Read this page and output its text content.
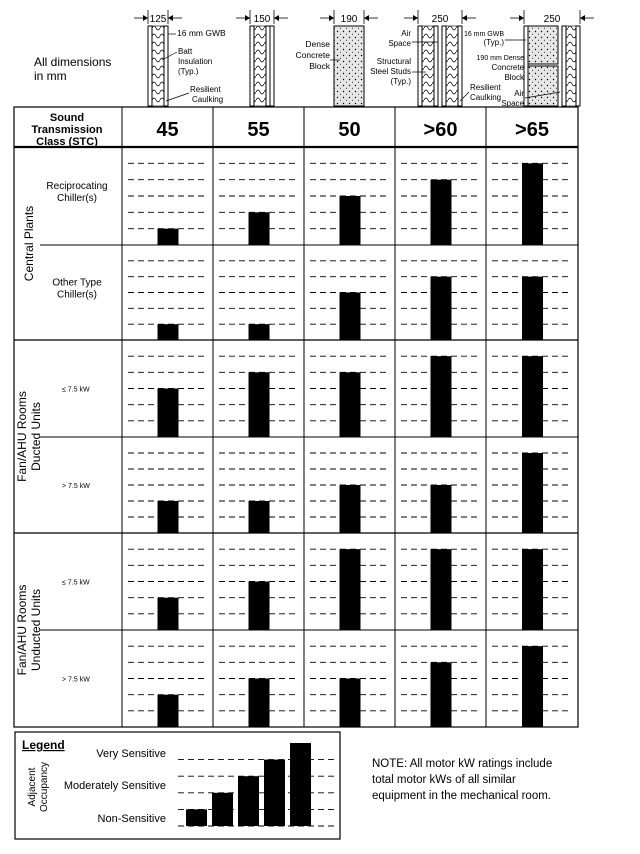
All dimensions
in mm
125
16 mm GWB
Batt
Insulation
(Typ.)
Resilient
Caulking
150	190
Dense
Concrete
Block
250
Air
Space
Structural
Steel Studs
(Typ.)
Resilient
Caulking
250
16 mm GWB
(Typ.)
190 mm Dense
Concrete
Block
Air
Space
Sound
Transmission
Class (STC)
45	55	50	>60	>65
Reciprocating
Chiller(s)
Other Type
Chiller(s)
Central Plants
≤ 7.5 kW
> 7.5 kW
Fan/AHU Rooms Ducted Units
≤ 7.5 kW
> 7.5 kW
Fan/AHU Rooms Unducted Units
Legend
Adjacent Occupancy
Very Sensitive
Moderately Sensitive
Non-Sensitive
NOTE: All motor kW ratings include
total motor kWs of all similar
equipment in the mechanical room.
